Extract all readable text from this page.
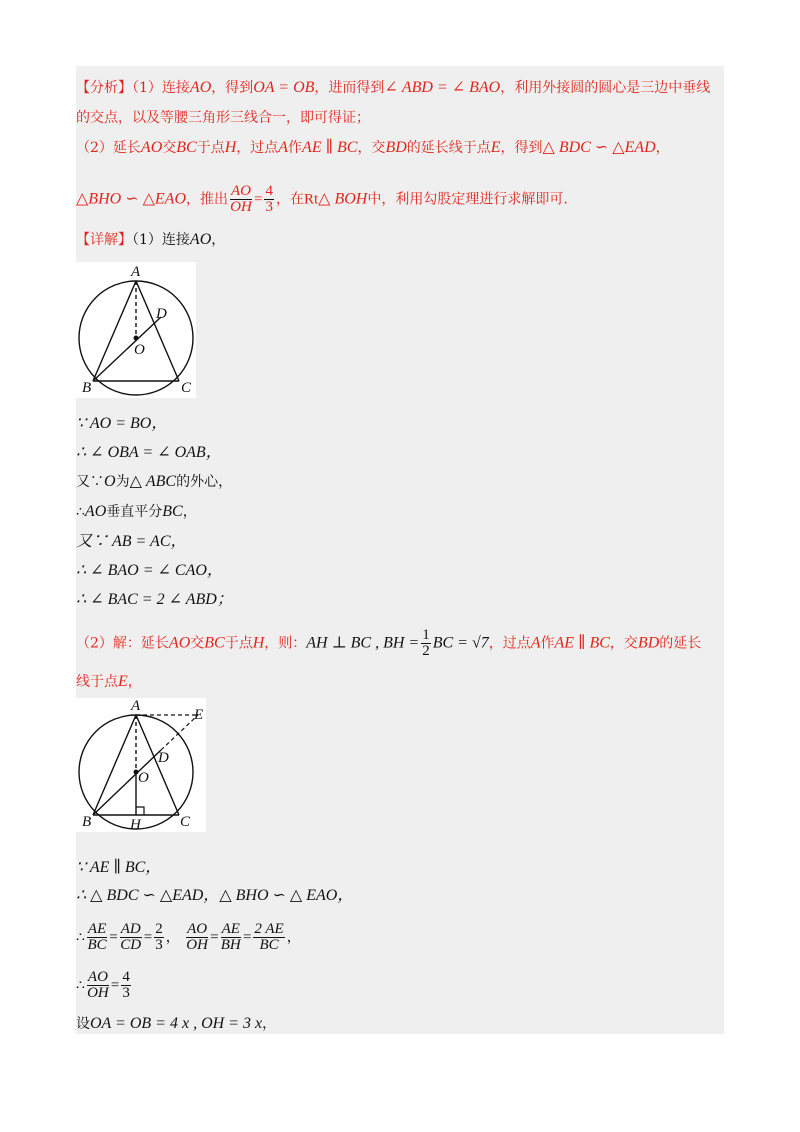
【分析】（1）连接AO，得到OA = OB，进而得到∠ ABD = ∠ BAO，利用外接圆的圆心是三边中垂线
的交点，以及等腰三角形三线合一，即可得证；
（2）延长AO交BC于点H，过点A作AE ∥ BC，交BD的延长线于点E，得到△ BDC ∽ △EAD，
△BHO ∽ △EAO，推出 $\frac{AO}{OH} = \frac{4}{3}$ ，在Rt△ BOH中，利用勾股定理进行求解即可.
【详解】（1）连接AO，
A
B	C
D
O
∵ AO = BO，
∴ ∠ OBA = ∠ OAB，
又∵O为△ ABC的外心，
∴AO垂直平分BC，
又∵ AB = AC，
∴ ∠ BAO = ∠ CAO，
∴ ∠ BAC = 2 ∠ ABD；
（2）解：延长AO交BC于点H，则：AH ⊥ BC , BH = $\frac{1}{2}$ BC = √7，过点A作AE ∥ BC，交BD的延长
线于点E，
A
B	C
D
O
E
H
∵ AE ∥ BC，
∴ △ BDC ∽ △EAD，△ BHO ∽ △ EAO，
∴ $\frac{AE}{BC} = \frac{AD}{CD} = \frac{2}{3}$ ， $\frac{AO}{OH} = \frac{AE}{BH} = \frac{2 AE}{BC}$ ，
∴ $\frac{AO}{OH} = \frac{4}{3}$
设OA = OB = 4 x , OH = 3 x，
